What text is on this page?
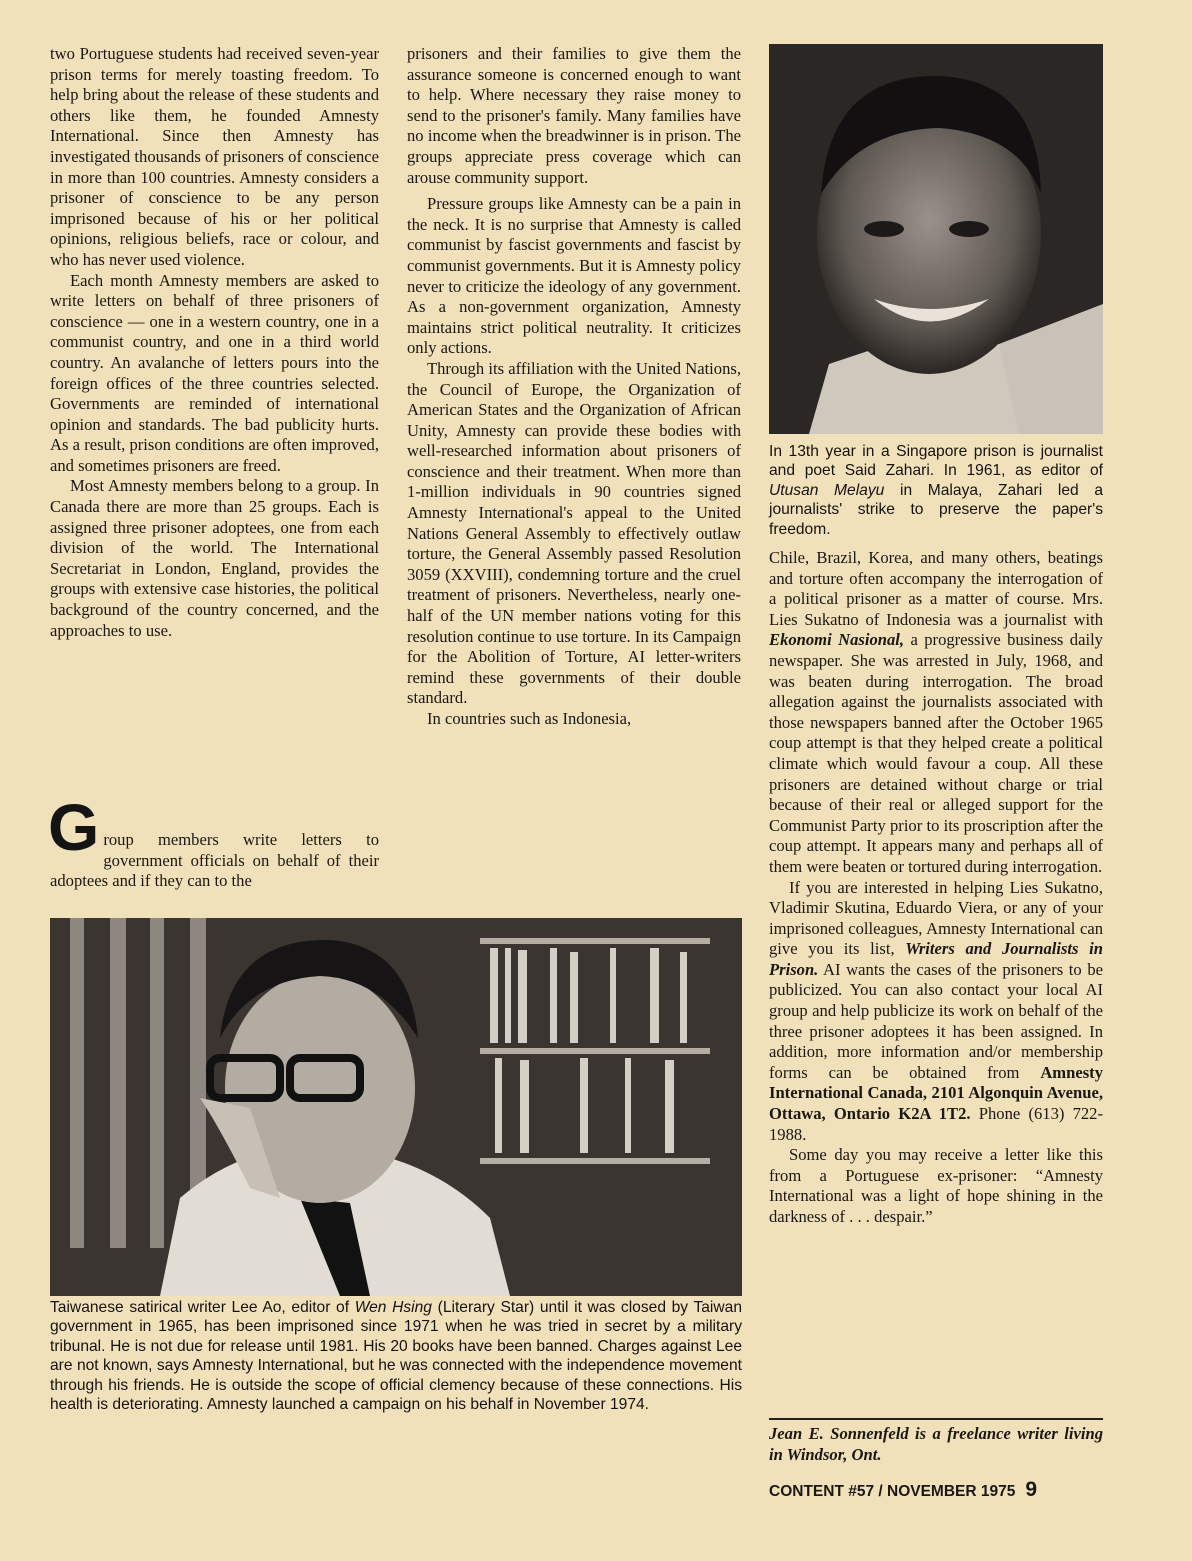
two Portuguese students had received seven-year prison terms for merely toasting freedom. To help bring about the release of these students and others like them, he founded Amnesty International. Since then Amnesty has investigated thousands of prisoners of conscience in more than 100 countries. Amnesty considers a prisoner of conscience to be any person imprisoned because of his or her political opinions, religious beliefs, race or colour, and who has never used violence.

Each month Amnesty members are asked to write letters on behalf of three prisoners of conscience — one in a western country, one in a communist country, and one in a third world country. An avalanche of letters pours into the foreign offices of the three countries selected. Governments are reminded of international opinion and standards. The bad publicity hurts. As a result, prison conditions are often improved, and sometimes prisoners are freed.

Most Amnesty members belong to a group. In Canada there are more than 25 groups. Each is assigned three prisoner adoptees, one from each division of the world. The International Secretariat in London, England, provides the groups with extensive case histories, the political background of the country concerned, and the approaches to use.

Group members write letters to government officials on behalf of their adoptees and if they can to the

prisoners and their families to give them the assurance someone is concerned enough to want to help. Where necessary they raise money to send to the prisoner's family. Many families have no income when the breadwinner is in prison. The groups appreciate press coverage which can arouse community support.

Pressure groups like Amnesty can be a pain in the neck. It is no surprise that Amnesty is called communist by fascist governments and fascist by communist governments. But it is Amnesty policy never to criticize the ideology of any government. As a non-government organization, Amnesty maintains strict political neutrality. It criticizes only actions.

Through its affiliation with the United Nations, the Council of Europe, the Organization of American States and the Organization of African Unity, Amnesty can provide these bodies with well-researched information about prisoners of conscience and their treatment. When more than 1-million individuals in 90 countries signed Amnesty International's appeal to the United Nations General Assembly to effectively outlaw torture, the General Assembly passed Resolution 3059 (XXVIII), condemning torture and the cruel treatment of prisoners. Nevertheless, nearly one-half of the UN member nations voting for this resolution continue to use torture. In its Campaign for the Abolition of Torture, AI letter-writers remind these governments of their double standard.

In countries such as Indonesia,

In 13th year in a Singapore prison is journalist and poet Said Zahari. In 1961, as editor of Utusan Melayu in Malaya, Zahari led a journalists' strike to preserve the paper's freedom.

Chile, Brazil, Korea, and many others, beatings and torture often accompany the interrogation of a political prisoner as a matter of course. Mrs. Lies Sukatno of Indonesia was a journalist with Ekonomi Nasional, a progressive business daily newspaper. She was arrested in July, 1968, and was beaten during interrogation. The broad allegation against the journalists associated with those newspapers banned after the October 1965 coup attempt is that they helped create a political climate which would favour a coup. All these prisoners are detained without charge or trial because of their real or alleged support for the Communist Party prior to its proscription after the coup attempt. It appears many and perhaps all of them were beaten or tortured during interrogation.

If you are interested in helping Lies Sukatno, Vladimir Skutina, Eduardo Viera, or any of your imprisoned colleagues, Amnesty International can give you its list, Writers and Journalists in Prison. AI wants the cases of the prisoners to be publicized. You can also contact your local AI group and help publicize its work on behalf of the three prisoner adoptees it has been assigned. In addition, more information and/or membership forms can be obtained from Amnesty International Canada, 2101 Algonquin Avenue, Ottawa, Ontario K2A 1T2. Phone (613) 722-1988.

Some day you may receive a letter like this from a Portuguese ex-prisoner: “Amnesty International was a light of hope shining in the darkness of . . . despair.”

Jean E. Sonnenfeld is a freelance writer living in Windsor, Ont.
Taiwanese satirical writer Lee Ao, editor of Wen Hsing (Literary Star) until it was closed by Taiwan government in 1965, has been imprisoned since 1971 when he was tried in secret by a military tribunal. He is not due for release until 1981. His 20 books have been banned. Charges against Lee are not known, says Amnesty International, but he was connected with the independence movement through his friends. He is outside the scope of official clemency because of these connections. His health is deteriorating. Amnesty launched a campaign on his behalf in November 1974.
CONTENT #57 / NOVEMBER 1975 9
